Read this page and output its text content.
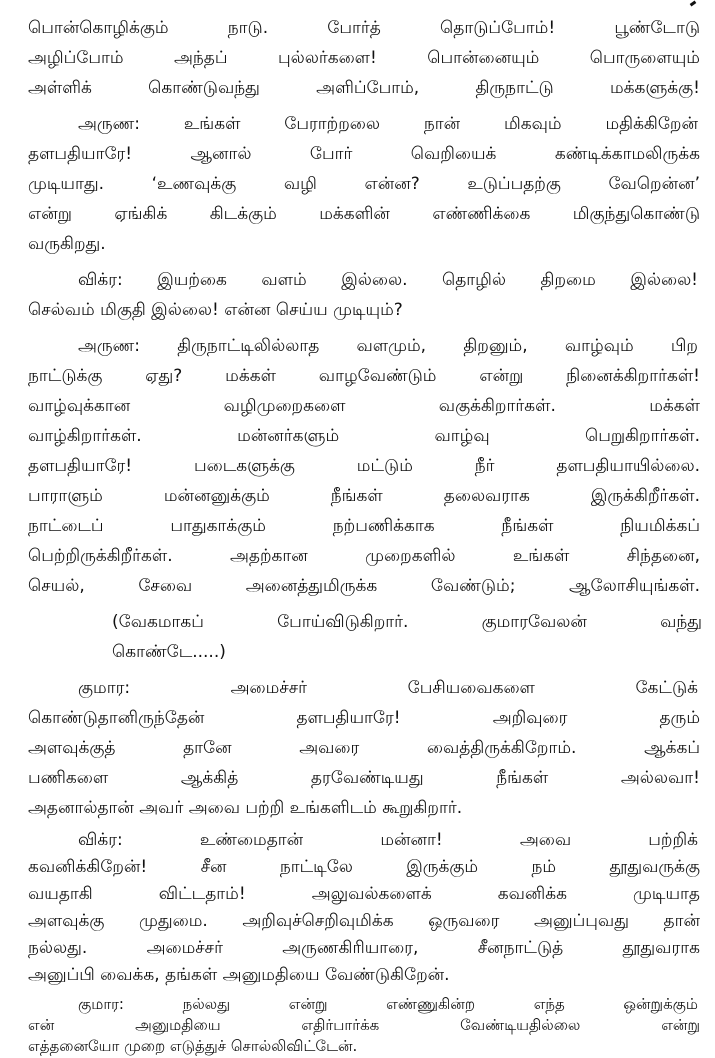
பொன்கொழிக்கும் நாடு. போர்த் தொடுப்போம்! பூண்டோடு
அழிப்போம் அந்தப் புல்லர்களை! பொன்னையும் பொருளையும்
அள்ளிக் கொண்டுவந்து அளிப்போம், திருநாட்டு மக்களுக்கு!
அருண: உங்கள் பேராற்றலை நான் மிகவும் மதிக்கிறேன்
தளபதியாரே! ஆனால் போர் வெறியைக் கண்டிக்காமலிருக்க
முடியாது. ‘உணவுக்கு வழி என்ன? உடுப்பதற்கு வேறென்ன’
என்று ஏங்கிக் கிடக்கும் மக்களின் எண்ணிக்கை மிகுந்துகொண்டு
வருகிறது.
விக்ர: இயற்கை வளம் இல்லை. தொழில் திறமை இல்லை!
செல்வம் மிகுதி இல்லை! என்ன செய்ய முடியும்?
அருண: திருநாட்டிலில்லாத வளமும், திறனும், வாழ்வும் பிற
நாட்டுக்கு ஏது? மக்கள் வாழவேண்டும் என்று நினைக்கிறார்கள்!
வாழ்வுக்கான வழிமுறைகளை வகுக்கிறார்கள். மக்கள்
வாழ்கிறார்கள். மன்னர்களும் வாழ்வு பெறுகிறார்கள்.
தளபதியாரே! படைகளுக்கு மட்டும் நீர் தளபதியாயில்லை.
பாராளும் மன்னனுக்கும் நீங்கள் தலைவராக இருக்கிறீர்கள்.
நாட்டைப் பாதுகாக்கும் நற்பணிக்காக நீங்கள் நியமிக்கப்
பெற்றிருக்கிறீர்கள். அதற்கான முறைகளில் உங்கள் சிந்தனை,
செயல், சேவை அனைத்துமிருக்க வேண்டும்; ஆலோசியுங்கள்.
(வேகமாகப் போய்விடுகிறார். குமாரவேலன் வந்து
கொண்டே.....)
குமார: அமைச்சர் பேசியவைகளை கேட்டுக்
கொண்டுதானிருந்தேன் தளபதியாரே! அறிவுரை தரும்
அளவுக்குத் தானே அவரை வைத்திருக்கிறோம். ஆக்கப்
பணிகளை ஆக்கித் தரவேண்டியது நீங்கள் அல்லவா!
அதனால்தான் அவர் அவை பற்றி உங்களிடம் கூறுகிறார்.
விக்ர: உண்மைதான் மன்னா! அவை பற்றிக்
கவனிக்கிறேன்! சீன நாட்டிலே இருக்கும் நம் தூதுவருக்கு
வயதாகி விட்டதாம்! அலுவல்களைக் கவனிக்க முடியாத
அளவுக்கு முதுமை. அறிவுச்செறிவுமிக்க ஒருவரை அனுப்புவது தான்
நல்லது. அமைச்சர் அருணகிரியாரை, சீனநாட்டுத் தூதுவராக
அனுப்பி வைக்க, தங்கள் அனுமதியை வேண்டுகிறேன்.
குமார: நல்லது என்று எண்ணுகின்ற எந்த ஒன்றுக்கும்
என் அனுமதியை எதிர்பார்க்க வேண்டியதில்லை என்று
எத்தனையோ முறை எடுத்துச் சொல்லிவிட்டேன்.
